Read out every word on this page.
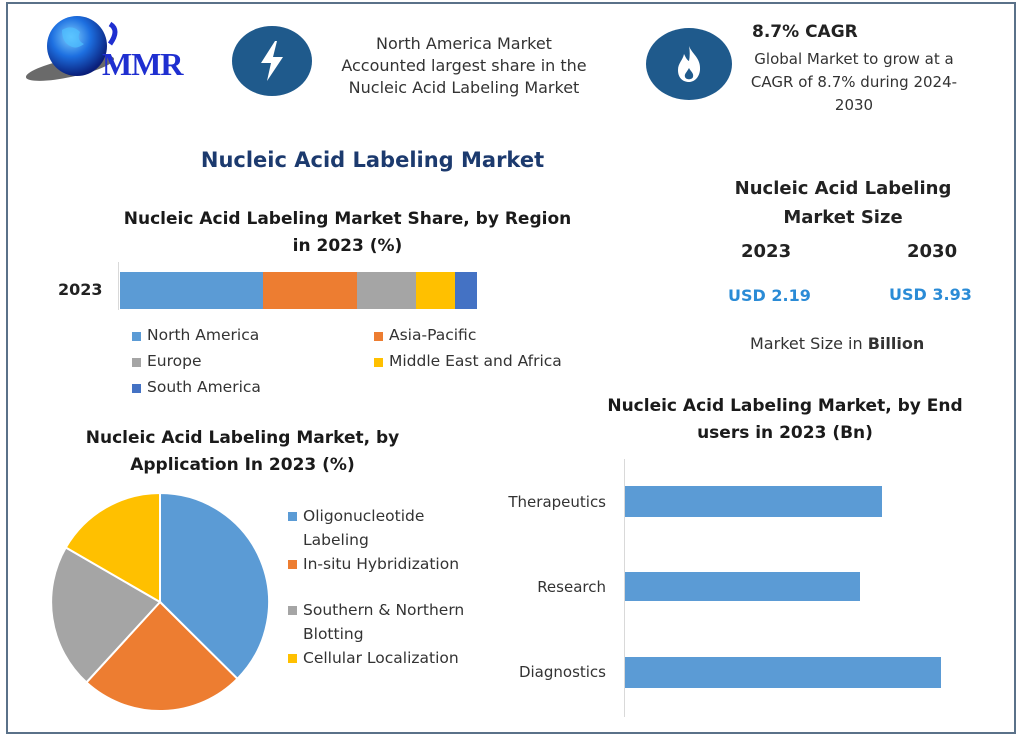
MMR
North America Market
Accounted largest share in the
Nucleic Acid Labeling Market
8.7% CAGR
Global Market to grow at a
CAGR of 8.7% during 2024-
2030
Nucleic Acid Labeling Market
Nucleic Acid Labeling Market Share, by Region
in 2023 (%)
2023
North America	Asia-Pacific
Europe	Middle East and Africa
South America
Nucleic Acid Labeling
Market Size
2023	2030
USD 2.19	USD 3.93
Market Size in Billion
Nucleic Acid Labeling Market, by
Application In 2023 (%)
Oligonucleotide
Labeling
In-situ Hybridization
Southern & Northern
Blotting
Cellular Localization
Nucleic Acid Labeling Market, by End
users in 2023 (Bn)
Therapeutics
Research
Diagnostics
